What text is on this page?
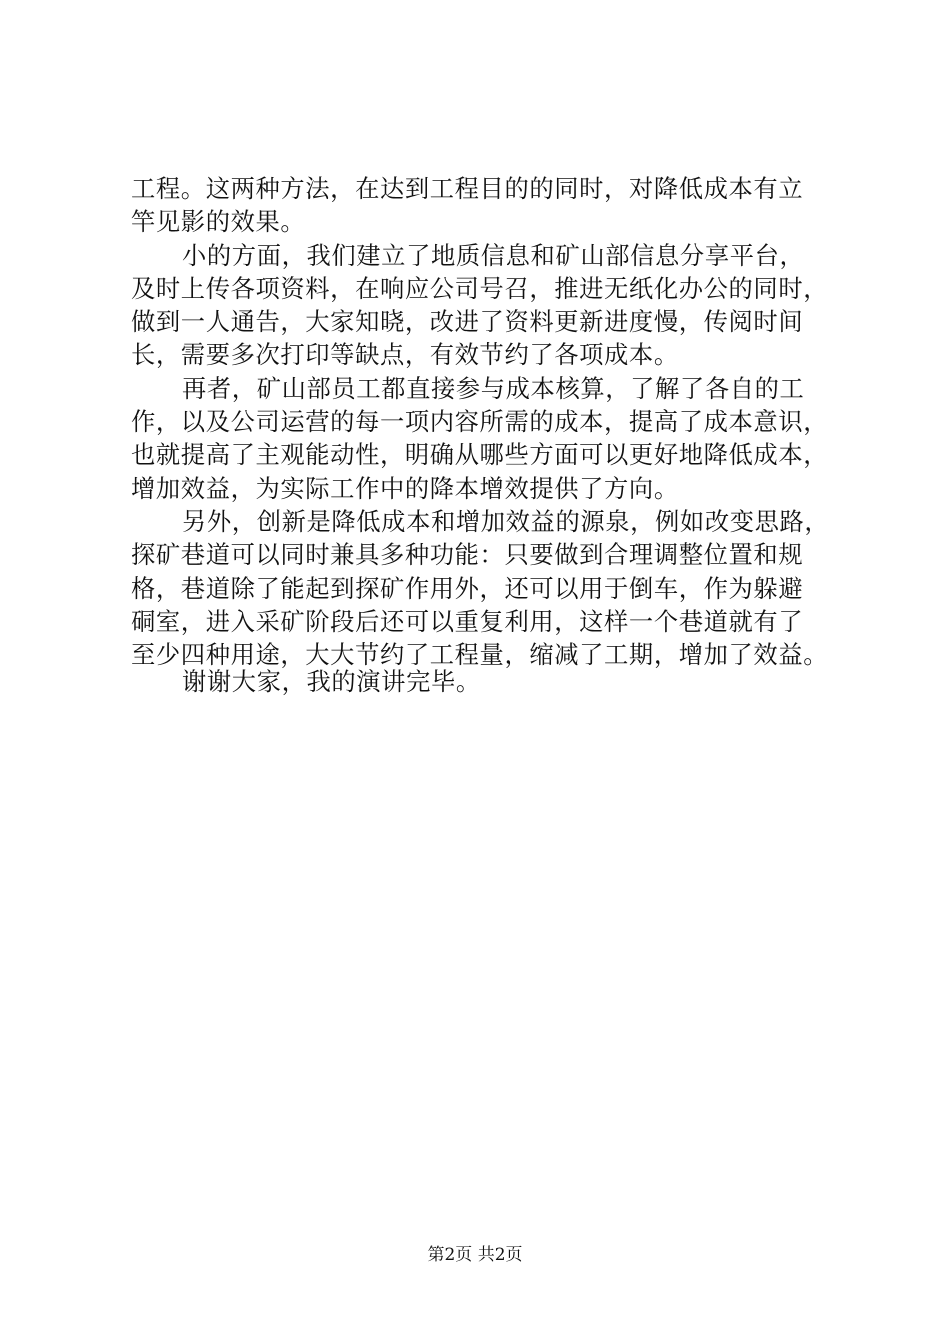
工程。这两种方法，在达到工程目的的同时，对降低成本有立
竿见影的效果。
小的方面，我们建立了地质信息和矿山部信息分享平台，
及时上传各项资料，在响应公司号召，推进无纸化办公的同时，
做到一人通告，大家知晓，改进了资料更新进度慢，传阅时间
长，需要多次打印等缺点，有效节约了各项成本。
再者，矿山部员工都直接参与成本核算，了解了各自的工
作，以及公司运营的每一项内容所需的成本，提高了成本意识，
也就提高了主观能动性，明确从哪些方面可以更好地降低成本，
增加效益，为实际工作中的降本增效提供了方向。
另外，创新是降低成本和增加效益的源泉，例如改变思路，
探矿巷道可以同时兼具多种功能：只要做到合理调整位置和规
格，巷道除了能起到探矿作用外，还可以用于倒车，作为躲避
硐室，进入采矿阶段后还可以重复利用，这样一个巷道就有了
至少四种用途，大大节约了工程量，缩减了工期，增加了效益。
谢谢大家，我的演讲完毕。
第2页 共2页
